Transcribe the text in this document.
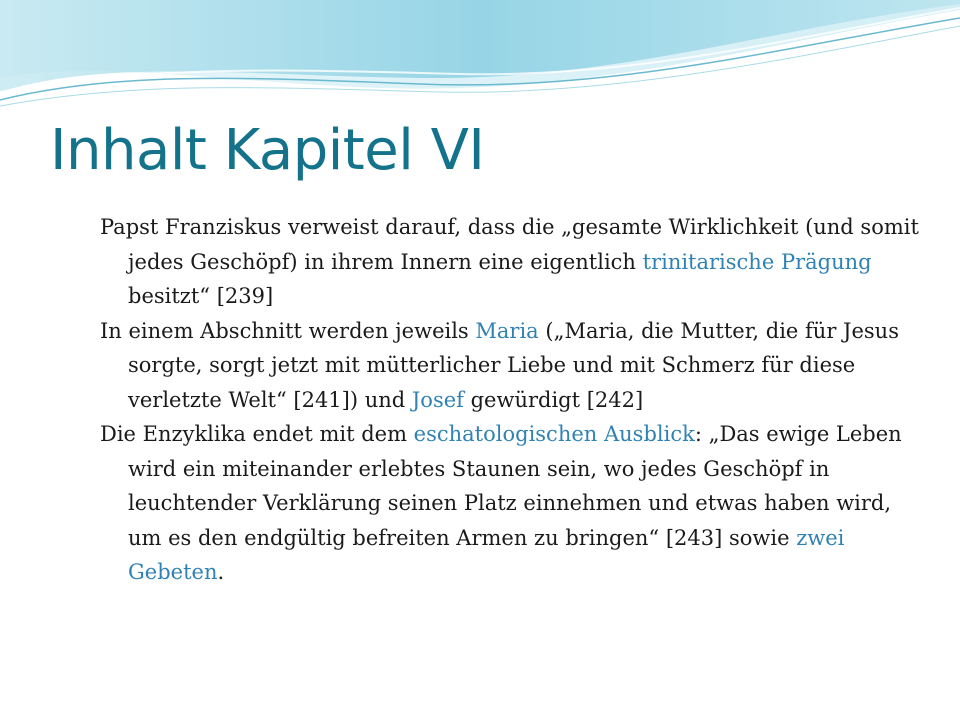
Inhalt Kapitel VI

Papst Franziskus verweist darauf, dass die „gesamte Wirklichkeit (und somit jedes Geschöpf) in ihrem Innern eine eigentlich trinitarische Prägung besitzt“ [239]

In einem Abschnitt werden jeweils Maria („Maria, die Mutter, die für Jesus sorgte, sorgt jetzt mit mütterlicher Liebe und mit Schmerz für diese verletzte Welt“ [241]) und Josef gewürdigt [242]

Die Enzyklika endet mit dem eschatologischen Ausblick: „Das ewige Leben wird ein miteinander erlebtes Staunen sein, wo jedes Geschöpf in leuchtender Verklärung seinen Platz einnehmen und etwas haben wird, um es den endgültig befreiten Armen zu bringen“ [243] sowie zwei Gebeten.
